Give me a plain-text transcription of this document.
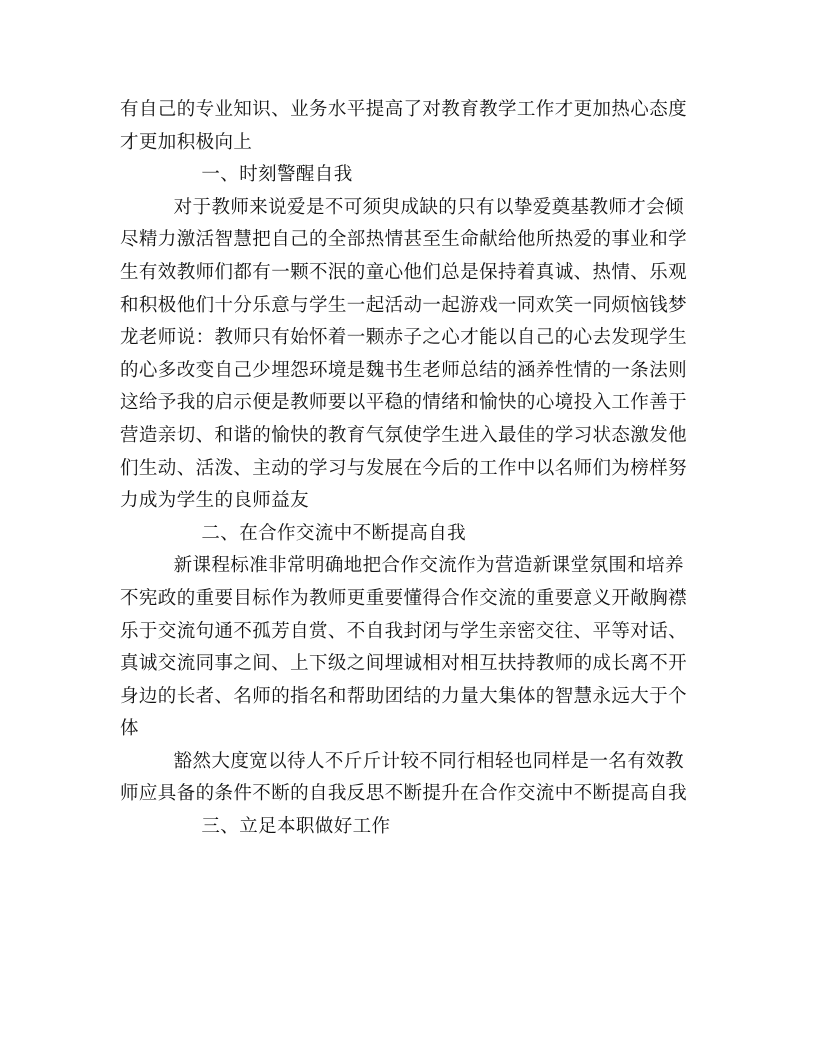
有自己的专业知识、业务水平提高了对教育教学工作才更加热心态度才更加积极向上

一、时刻警醒自我

对于教师来说爱是不可须臾成缺的只有以挚爱奠基教师才会倾尽精力激活智慧把自己的全部热情甚至生命献给他所热爱的事业和学生有效教师们都有一颗不泯的童心他们总是保持着真诚、热情、乐观和积极他们十分乐意与学生一起活动一起游戏一同欢笑一同烦恼钱梦龙老师说：教师只有始怀着一颗赤子之心才能以自己的心去发现学生的心多改变自己少埋怨环境是魏书生老师总结的涵养性情的一条法则这给予我的启示便是教师要以平稳的情绪和愉快的心境投入工作善于营造亲切、和谐的愉快的教育气氛使学生进入最佳的学习状态激发他们生动、活泼、主动的学习与发展在今后的工作中以名师们为榜样努力成为学生的良师益友

二、在合作交流中不断提高自我

新课程标准非常明确地把合作交流作为营造新课堂氛围和培养不宪政的重要目标作为教师更重要懂得合作交流的重要意义开敞胸襟乐于交流句通不孤芳自赏、不自我封闭与学生亲密交往、平等对话、真诚交流同事之间、上下级之间埋诚相对相互扶持教师的成长离不开身边的长者、名师的指名和帮助团结的力量大集体的智慧永远大于个体

豁然大度宽以待人不斤斤计较不同行相轻也同样是一名有效教师应具备的条件不断的自我反思不断提升在合作交流中不断提高自我

三、立足本职做好工作
